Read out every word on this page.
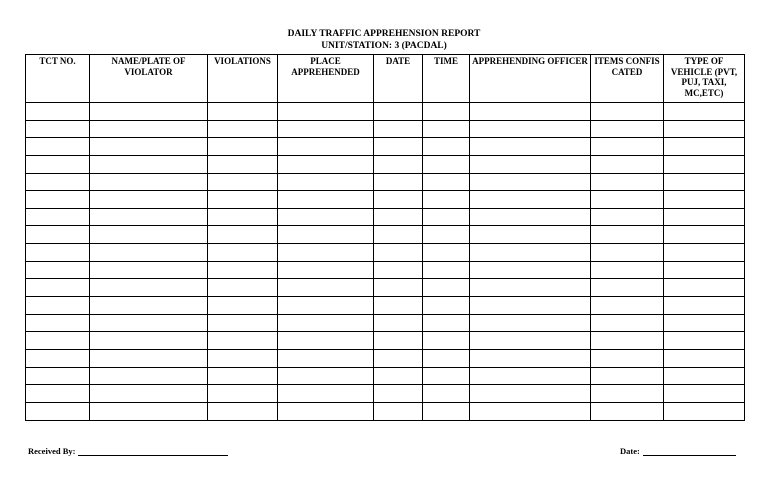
DAILY TRAFFIC APPREHENSION REPORT
UNIT/STATION: 3 (PACDAL)
TCT NO.	NAME/PLATE OF VIOLATOR	VIOLATIONS	PLACE APPREHENDED	DATE	TIME	APPREHENDING OFFICER	ITEMS CONFISCATED	TYPE OF VEHICLE (PVT, PUJ, TAXI, MC,ETC)

Received By:	Date:
